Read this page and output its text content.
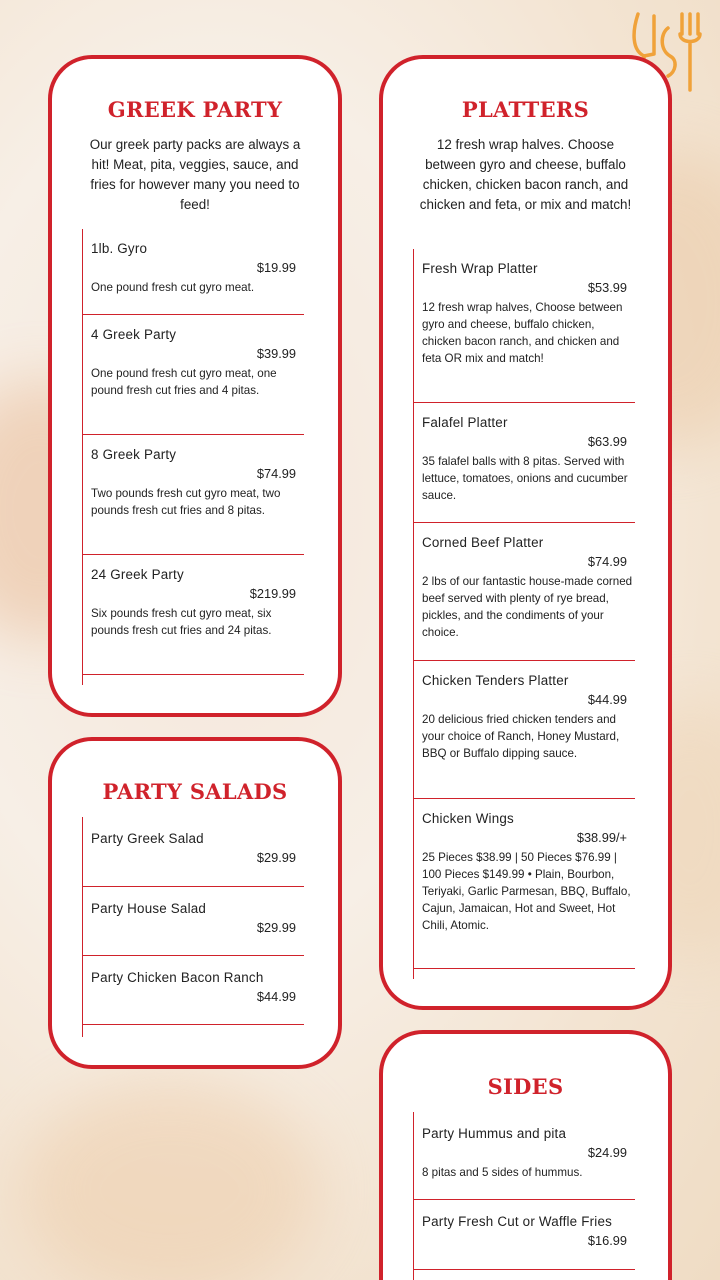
GREEK PARTY
Our greek party packs are always a hit! Meat, pita, veggies, sauce, and fries for however many you need to feed!
1lb. Gyro
$19.99
One pound fresh cut gyro meat.
4 Greek Party
$39.99
One pound fresh cut gyro meat, one pound fresh cut fries and 4 pitas.
8 Greek Party
$74.99
Two pounds fresh cut gyro meat, two pounds fresh cut fries and 8 pitas.
24 Greek Party
$219.99
Six pounds fresh cut gyro meat, six pounds fresh cut fries and 24 pitas.
PARTY SALADS
Party Greek Salad
$29.99
Party House Salad
$29.99
Party Chicken Bacon Ranch
$44.99
PLATTERS
12 fresh wrap halves. Choose between gyro and cheese, buffalo chicken, chicken bacon ranch, and chicken and feta, or mix and match!
Fresh Wrap Platter
$53.99
12 fresh wrap halves, Choose between gyro and cheese, buffalo chicken, chicken bacon ranch, and chicken and feta OR mix and match!
Falafel Platter
$63.99
35 falafel balls with 8 pitas. Served with lettuce, tomatoes, onions and cucumber sauce.
Corned Beef Platter
$74.99
2 lbs of our fantastic house-made corned beef served with plenty of rye bread, pickles, and the condiments of your choice.
Chicken Tenders Platter
$44.99
20 delicious fried chicken tenders and your choice of Ranch, Honey Mustard, BBQ or Buffalo dipping sauce.
Chicken Wings
$38.99/+
25 Pieces $38.99 | 50 Pieces $76.99 | 100 Pieces $149.99 • Plain, Bourbon, Teriyaki, Garlic Parmesan, BBQ, Buffalo, Cajun, Jamaican, Hot and Sweet, Hot Chili, Atomic.
SIDES
Party Hummus and pita
$24.99
8 pitas and 5 sides of hummus.
Party Fresh Cut or Waffle Fries
$16.99
